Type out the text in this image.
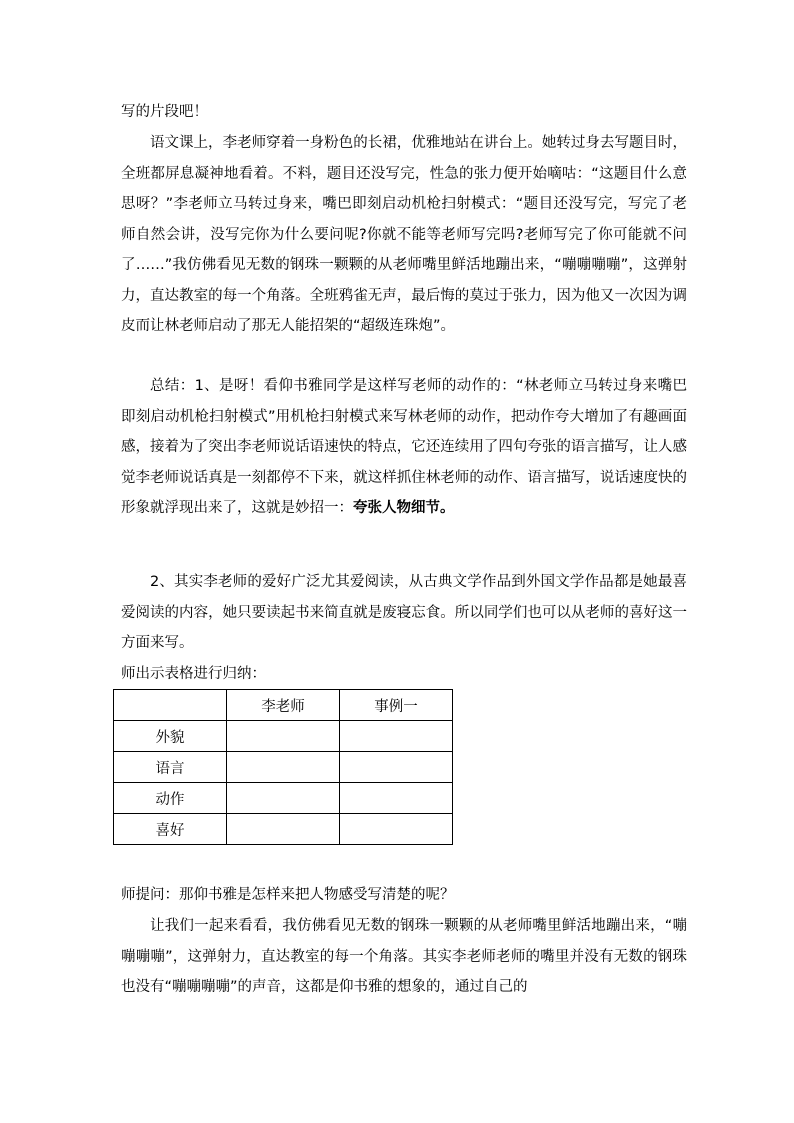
写的片段吧！

语文课上，李老师穿着一身粉色的长裙，优雅地站在讲台上。她转过身去写题目时，全班都屏息凝神地看着。不料，题目还没写完，性急的张力便开始嘀咕：“这题目什么意思呀？”李老师立马转过身来，嘴巴即刻启动机枪扫射模式：“题目还没写完，写完了老师自然会讲，没写完你为什么要问呢?你就不能等老师写完吗?老师写完了你可能就不问了……”我仿佛看见无数的钢珠一颗颗的从老师嘴里鲜活地蹦出来，“嘣嘣嘣嘣”，这弹射力，直达教室的每一个角落。全班鸦雀无声，最后悔的莫过于张力，因为他又一次因为调皮而让林老师启动了那无人能招架的“超级连珠炮”。

总结：1、是呀！看仰书雅同学是这样写老师的动作的：“林老师立马转过身来嘴巴即刻启动机枪扫射模式”用机枪扫射模式来写林老师的动作，把动作夸大增加了有趣画面感，接着为了突出李老师说话语速快的特点，它还连续用了四句夸张的语言描写，让人感觉李老师说话真是一刻都停不下来，就这样抓住林老师的动作、语言描写，说话速度快的形象就浮现出来了，这就是妙招一：夸张人物细节。

2、其实李老师的爱好广泛尤其爱阅读，从古典文学作品到外国文学作品都是她最喜爱阅读的内容，她只要读起书来简直就是废寝忘食。所以同学们也可以从老师的喜好这一方面来写。

师出示表格进行归纳：

	李老师	事例一
外貌		
语言		
动作		
喜好		

师提问：那仰书雅是怎样来把人物感受写清楚的呢？

让我们一起来看看，我仿佛看见无数的钢珠一颗颗的从老师嘴里鲜活地蹦出来，“嘣嘣嘣嘣”，这弹射力，直达教室的每一个角落。其实李老师老师的嘴里并没有无数的钢珠也没有“嘣嘣嘣嘣”的声音，这都是仰书雅的想象的，通过自己的
